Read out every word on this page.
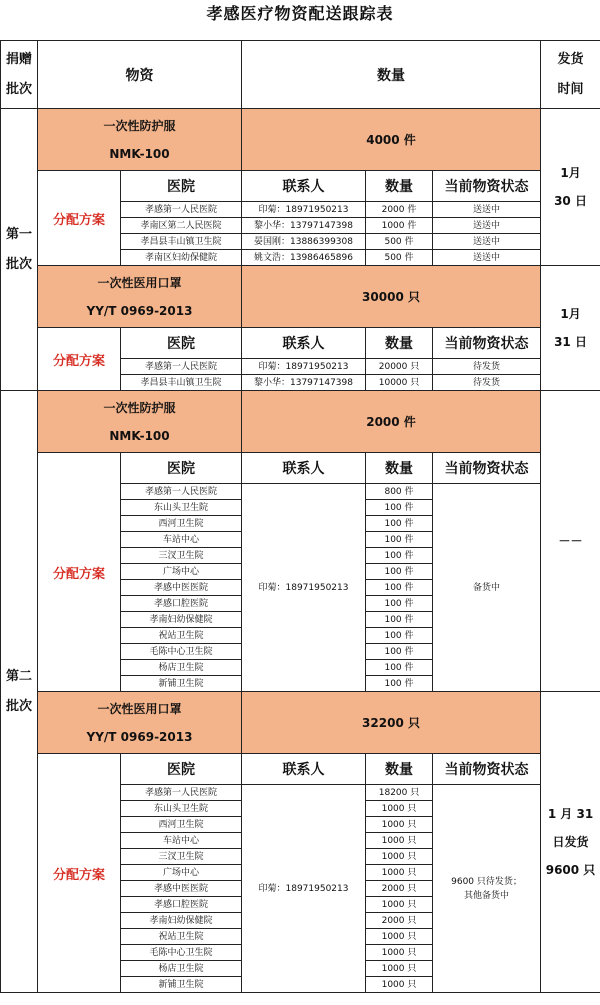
孝感医疗物资配送跟踪表
捐赠
批次	物资		数量			发货
时间
第一
批次	一次性防护服
NMK-100		4000 件			1月
30 日
	分配方案	医院	联系人	数量	当前物资状态	
		孝感第一人民医院	印菊：18971950213	2000 件	送送中	
		孝南区第二人民医院	黎小华：13797147398	1000 件	送送中	
		孝昌县丰山镇卫生院	晏国刚：13886399308	500 件	送送中	
		孝南区妇幼保健院	姚文浩：13986465896	500 件	送送中	

	一次性医用口罩
YY/T 0969-2013		30000 只			1月
31 日
	分配方案	医院	联系人	数量	当前物资状态	
		孝感第一人民医院	印菊：18971950213	20000 只	待发货	
		孝昌县丰山镇卫生院	黎小华：13797147398	10000 只	待发货	
第二
批次	一次性防护服
NMK-100		2000 件			－－
	分配方案	医院	联系人	数量	当前物资状态	
		孝感第一人民医院	印菊：18971950213	800 件	备货中	
		东山头卫生院		100 件		
		西河卫生院		100 件		
		车站中心		100 件		
		三汊卫生院		100 件		
		广场中心		100 件		
		孝感中医医院		100 件		
		孝感口腔医院		100 件		
		孝南妇幼保健院		100 件		
		祝站卫生院		100 件		
		毛陈中心卫生院		100 件		
		杨店卫生院		100 件		
		新铺卫生院		100 件		

	一次性医用口罩
YY/T 0969-2013		32200 只			1 月 31
日发货
9600 只
	分配方案	医院	联系人	数量	当前物资状态	
		孝感第一人民医院	印菊：18971950213	18200 只	9600 只待发货；
其他备货中	
		东山头卫生院		1000 只		
		西河卫生院		1000 只		
		车站中心		1000 只		
		三汊卫生院		1000 只		
		广场中心		1000 只		
		孝感中医医院		2000 只		
		孝感口腔医院		1000 只		
		孝南妇幼保健院		2000 只		
		祝站卫生院		1000 只		
		毛陈中心卫生院		1000 只		
		杨店卫生院		1000 只		
		新铺卫生院		1000 只		
